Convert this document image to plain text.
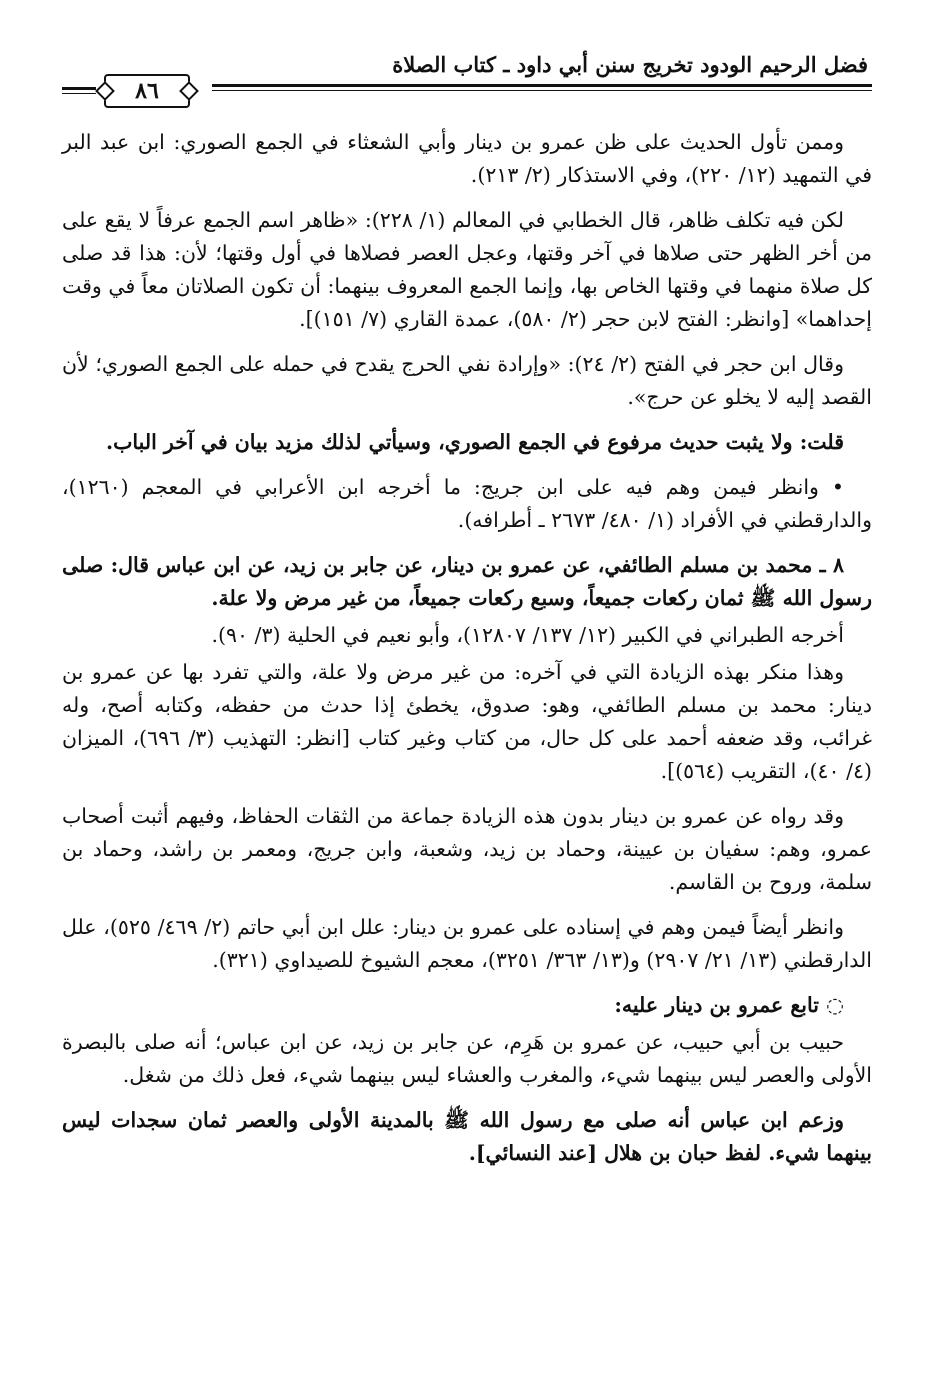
فضل الرحيم الودود تخريج سنن أبي داود ـ كتاب الصلاة
٨٦

وممن تأول الحديث على ظن عمرو بن دينار وأبي الشعثاء في الجمع الصوري: ابن عبد البر في التمهيد (١٢/ ٢٢٠)، وفي الاستذكار (٢/ ٢١٣).

لكن فيه تكلف ظاهر، قال الخطابي في المعالم (١/ ٢٢٨): «ظاهر اسم الجمع عرفاً لا يقع على من أخر الظهر حتى صلاها في آخر وقتها، وعجل العصر فصلاها في أول وقتها؛ لأن: هذا قد صلى كل صلاة منهما في وقتها الخاص بها، وإنما الجمع المعروف بينهما: أن تكون الصلاتان معاً في وقت إحداهما» [وانظر: الفتح لابن حجر (٢/ ٥٨٠)، عمدة القاري (٧/ ١٥١)].

وقال ابن حجر في الفتح (٢/ ٢٤): «وإرادة نفي الحرج يقدح في حمله على الجمع الصوري؛ لأن القصد إليه لا يخلو عن حرج».

قلت: ولا يثبت حديث مرفوع في الجمع الصوري، وسيأتي لذلك مزيد بيان في آخر الباب.

• وانظر فيمن وهم فيه على ابن جريج: ما أخرجه ابن الأعرابي في المعجم (١٢٦٠)، والدارقطني في الأفراد (١/ ٤٨٠/ ٢٦٧٣ ـ أطرافه).

٨ ـ محمد بن مسلم الطائفي، عن عمرو بن دينار، عن جابر بن زيد، عن ابن عباس قال: صلى رسول الله ﷺ ثمان ركعات جميعاً، وسبع ركعات جميعاً، من غير مرض ولا علة.

أخرجه الطبراني في الكبير (١٢/ ١٣٧/ ١٢٨٠٧)، وأبو نعيم في الحلية (٣/ ٩٠).

وهذا منكر بهذه الزيادة التي في آخره: من غير مرض ولا علة، والتي تفرد بها عن عمرو بن دينار: محمد بن مسلم الطائفي، وهو: صدوق، يخطئ إذا حدث من حفظه، وكتابه أصح، وله غرائب، وقد ضعفه أحمد على كل حال، من كتاب وغير كتاب [انظر: التهذيب (٣/ ٦٩٦)، الميزان (٤/ ٤٠)، التقريب (٥٦٤)].

وقد رواه عن عمرو بن دينار بدون هذه الزيادة جماعة من الثقات الحفاظ، وفيهم أثبت أصحاب عمرو، وهم: سفيان بن عيينة، وحماد بن زيد، وشعبة، وابن جريج، ومعمر بن راشد، وحماد بن سلمة، وروح بن القاسم.

وانظر أيضاً فيمن وهم في إسناده على عمرو بن دينار: علل ابن أبي حاتم (٢/ ٤٦٩/ ٥٢٥)، علل الدارقطني (١٣/ ٢١/ ٢٩٠٧) و(١٣/ ٣٦٣/ ٣٢٥١)، معجم الشيوخ للصيداوي (٣٢١).

◌ تابع عمرو بن دينار عليه:

حبيب بن أبي حبيب، عن عمرو بن هَرِم، عن جابر بن زيد، عن ابن عباس؛ أنه صلى بالبصرة الأولى والعصر ليس بينهما شيء، والمغرب والعشاء ليس بينهما شيء، فعل ذلك من شغل.

وزعم ابن عباس أنه صلى مع رسول الله ﷺ بالمدينة الأولى والعصر ثمان سجدات ليس بينهما شيء. لفظ حبان بن هلال [عند النسائي].
